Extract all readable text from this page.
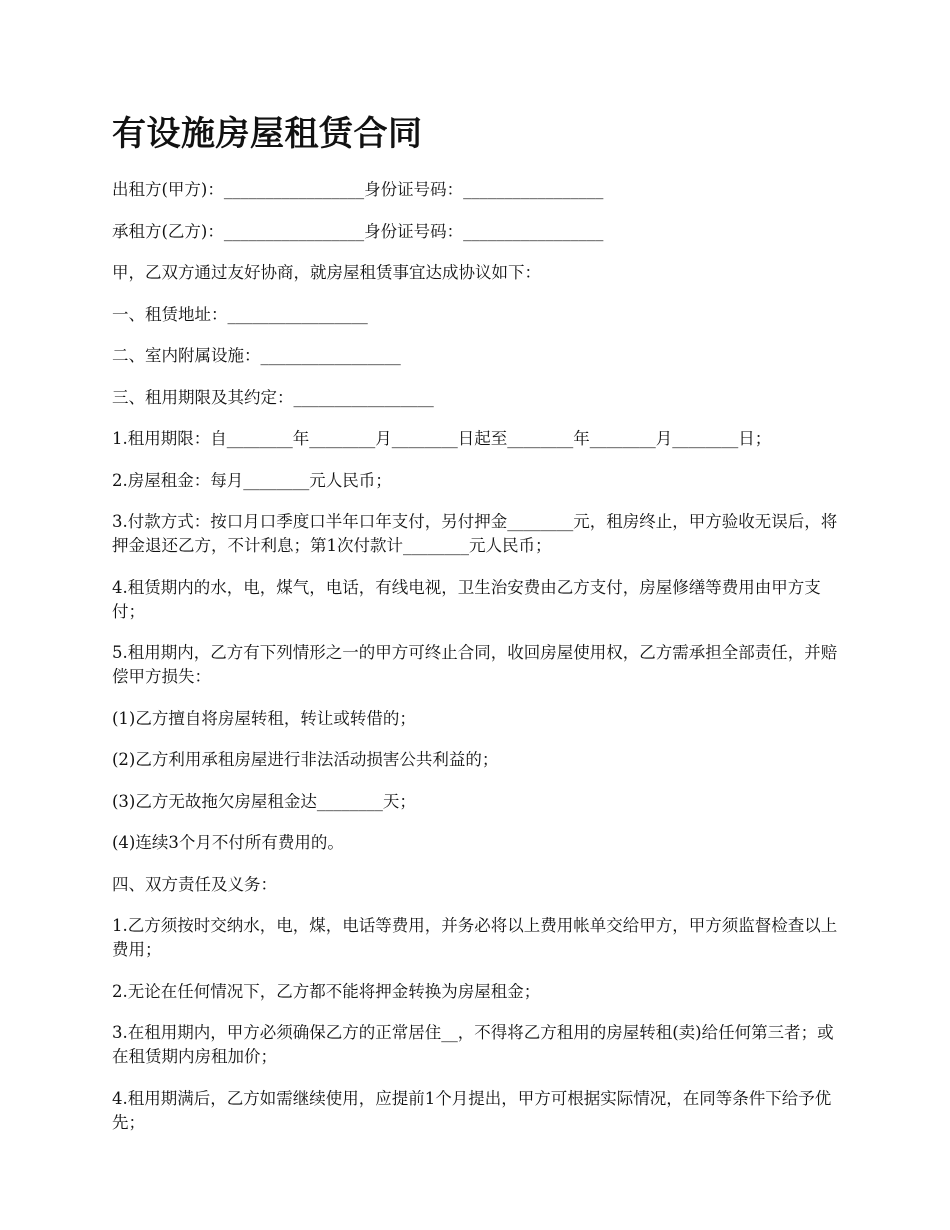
有设施房屋租赁合同

出租方(甲方)：_________________身份证号码：_________________

承租方(乙方)：_________________身份证号码：_________________

甲，乙双方通过友好协商，就房屋租赁事宜达成协议如下：

一、租赁地址：_________________

二、室内附属设施：_________________

三、租用期限及其约定：_________________

1.租用期限：自________年________月________日起至________年________月________日；

2.房屋租金：每月________元人民币；

3.付款方式：按口月口季度口半年口年支付，另付押金________元，租房终止，甲方验收无误后，将押金退还乙方，不计利息；第1次付款计________元人民币；

4.租赁期内的水，电，煤气，电话，有线电视，卫生治安费由乙方支付，房屋修缮等费用由甲方支付；

5.租用期内，乙方有下列情形之一的甲方可终止合同，收回房屋使用权，乙方需承担全部责任，并赔偿甲方损失：

(1)乙方擅自将房屋转租，转让或转借的；

(2)乙方利用承租房屋进行非法活动损害公共利益的；

(3)乙方无故拖欠房屋租金达________天；

(4)连续3个月不付所有费用的。

四、双方责任及义务：

1.乙方须按时交纳水，电，煤，电话等费用，并务必将以上费用帐单交给甲方，甲方须监督检查以上费用；

2.无论在任何情况下，乙方都不能将押金转换为房屋租金；

3.在租用期内，甲方必须确保乙方的正常居住__，不得将乙方租用的房屋转租(卖)给任何第三者；或在租赁期内房租加价；

4.租用期满后，乙方如需继续使用，应提前1个月提出，甲方可根据实际情况，在同等条件下给予优先；
